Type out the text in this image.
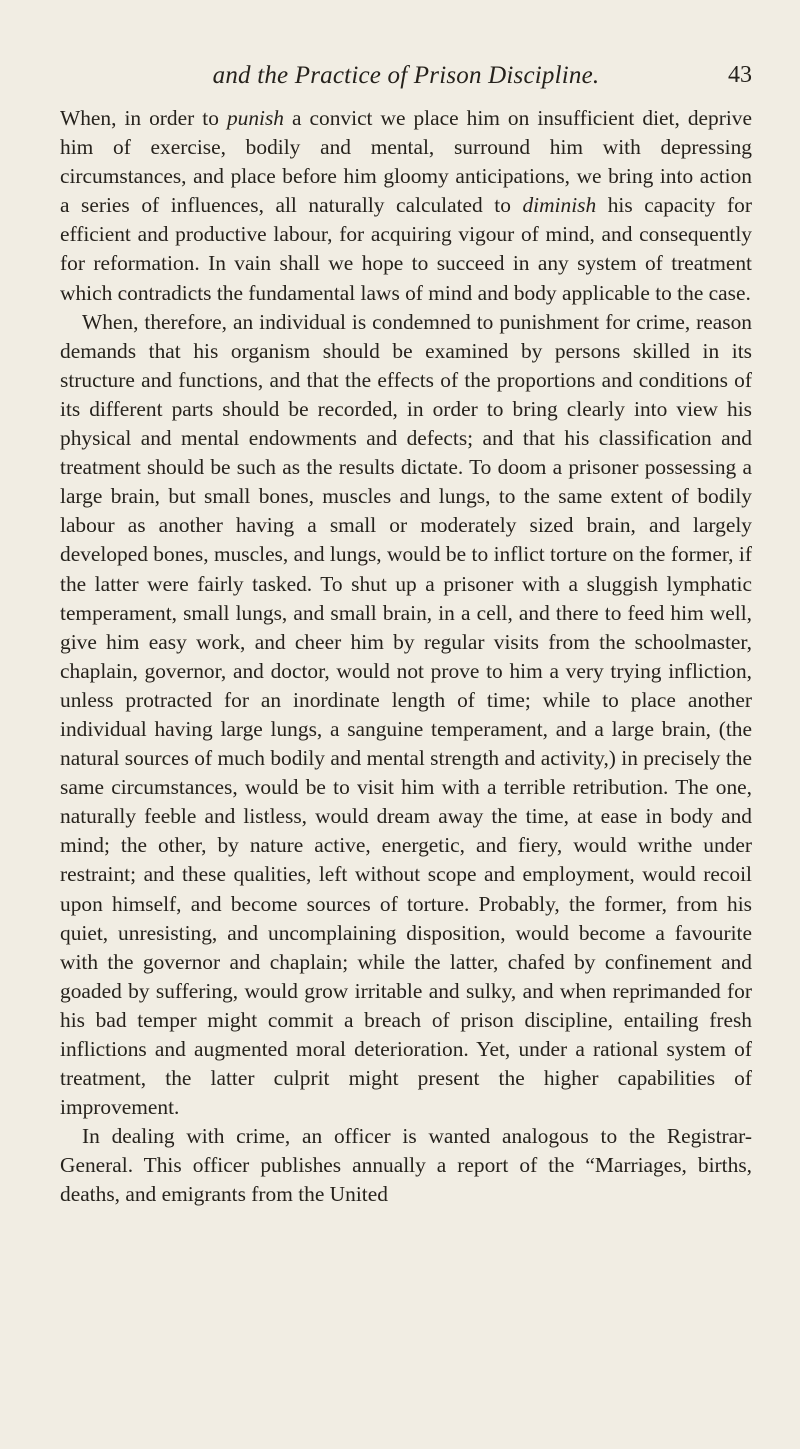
and the Practice of Prison Discipline.	43

When, in order to punish a convict we place him on insufficient diet, deprive him of exercise, bodily and mental, surround him with depressing circumstances, and place before him gloomy anticipations, we bring into action a series of influences, all naturally calculated to diminish his capacity for efficient and productive labour, for acquiring vigour of mind, and consequently for reformation. In vain shall we hope to succeed in any system of treatment which contradicts the fundamental laws of mind and body applicable to the case.

When, therefore, an individual is condemned to punishment for crime, reason demands that his organism should be examined by persons skilled in its structure and functions, and that the effects of the proportions and conditions of its different parts should be recorded, in order to bring clearly into view his physical and mental endowments and defects; and that his classification and treatment should be such as the results dictate. To doom a prisoner possessing a large brain, but small bones, muscles and lungs, to the same extent of bodily labour as another having a small or moderately sized brain, and largely developed bones, muscles, and lungs, would be to inflict torture on the former, if the latter were fairly tasked. To shut up a prisoner with a sluggish lymphatic temperament, small lungs, and small brain, in a cell, and there to feed him well, give him easy work, and cheer him by regular visits from the schoolmaster, chaplain, governor, and doctor, would not prove to him a very trying infliction, unless protracted for an inordinate length of time; while to place another individual having large lungs, a sanguine temperament, and a large brain, (the natural sources of much bodily and mental strength and activity,) in precisely the same circumstances, would be to visit him with a terrible retribution. The one, naturally feeble and listless, would dream away the time, at ease in body and mind; the other, by nature active, energetic, and fiery, would writhe under restraint; and these qualities, left without scope and employment, would recoil upon himself, and become sources of torture. Probably, the former, from his quiet, unresisting, and uncomplaining disposition, would become a favourite with the governor and chaplain; while the latter, chafed by confinement and goaded by suffering, would grow irritable and sulky, and when reprimanded for his bad temper might commit a breach of prison discipline, entailing fresh inflictions and augmented moral deterioration. Yet, under a rational system of treatment, the latter culprit might present the higher capabilities of improvement.

In dealing with crime, an officer is wanted analogous to the Registrar-General. This officer publishes annually a report of the “Marriages, births, deaths, and emigrants from the United
